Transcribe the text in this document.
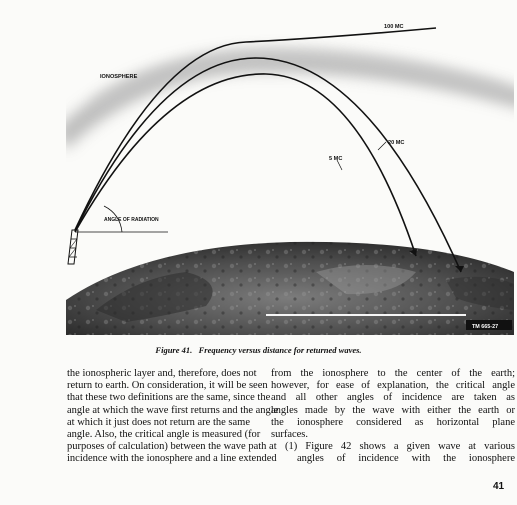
IONOSPHERE
100 MC
20 MC
5 MC
ANGLE OF RADIATION
TM 665-27
Figure 41. Frequency versus distance for returned waves.
the ionospheric layer and, therefore, does not
return to earth. On consideration, it will be seen
that these two definitions are the same, since the
angle at which the wave first returns and the angle
at which it just does not return are the same
angle. Also, the critical angle is measured (for
purposes of calculation) between the wave path at
incidence with the ionosphere and a line extended
from the ionosphere to the center of the earth;
however, for ease of explanation, the critical angle
and all other angles of incidence are taken as
angles made by the wave with either the earth or
the ionosphere considered as horizontal plane
surfaces.
(1) Figure 42 shows a given wave at various
angles of incidence with the ionosphere
41
